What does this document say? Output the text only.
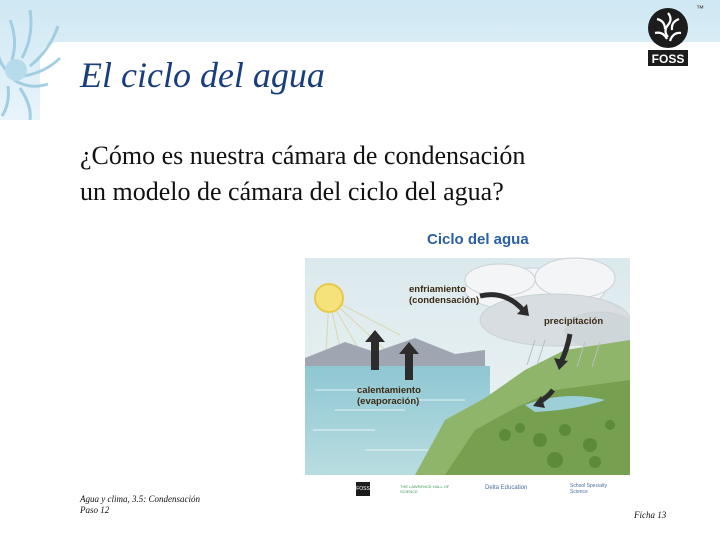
™
FOSS
El ciclo del agua
¿Cómo es nuestra cámara de condensación
un modelo de cámara del ciclo del agua?
Ciclo del agua
enfriamiento
(condensación)
precipitación
calentamiento
(evaporación)
FOSS	THE LAWRENCE HALL OF SCIENCE
Delta Education	School Specialty Science
Agua y clima, 3.5: Condensación
Paso 12	Ficha 13
